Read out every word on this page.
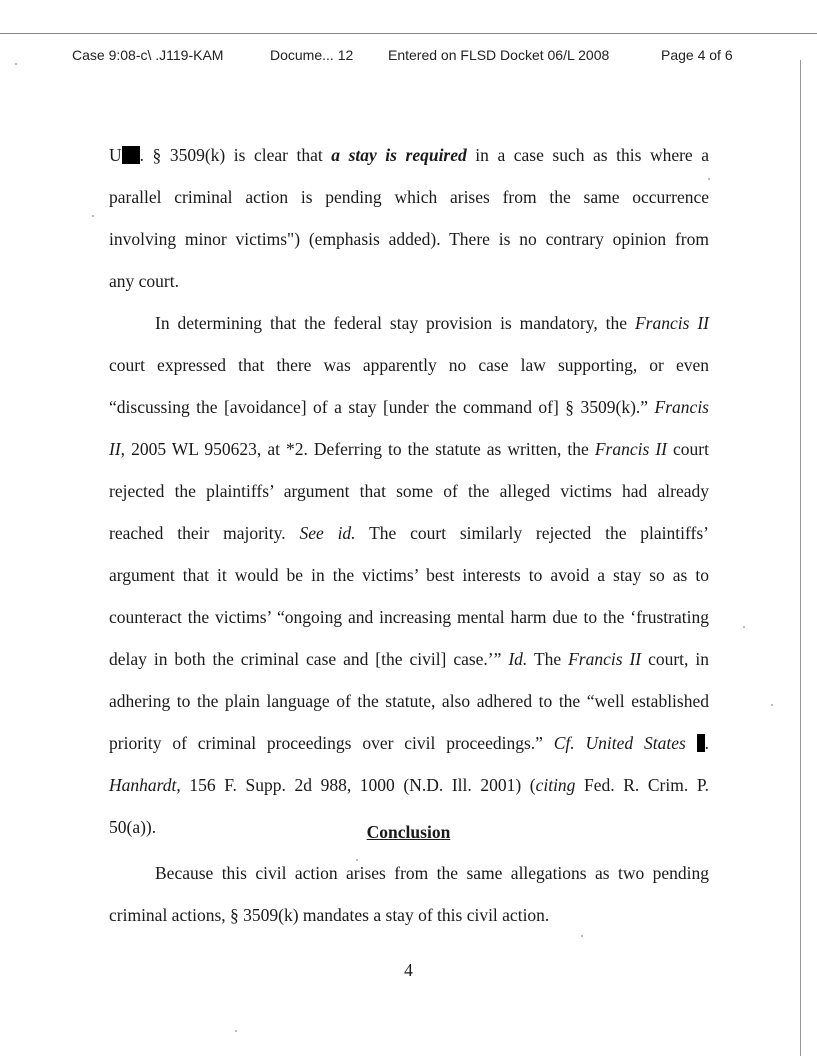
Case 9:08-c\ .J119-KAM	Docume... 12 Entered on FLSD Docket 06/L 2008	Page 4 of 6
U . § 3509(k) is clear that a stay is required in a case such as this where a
parallel criminal action is pending which arises from the same occurrence
involving minor victims") (emphasis added). There is no contrary opinion from
any court.
In determining that the federal stay provision is mandatory, the Francis II
court expressed that there was apparently no case law supporting, or even
“discussing the [avoidance] of a stay [under the command of] § 3509(k).” Francis
II, 2005 WL 950623, at *2. Deferring to the statute as written, the Francis II court
rejected the plaintiffs’ argument that some of the alleged victims had already
reached their majority. See id. The court similarly rejected the plaintiffs’
argument that it would be in the victims’ best interests to avoid a stay so as to
counteract the victims’ “ongoing and increasing mental harm due to the ‘frustrating
delay in both the criminal case and [the civil] case.’” Id. The Francis II court, in
adhering to the plain language of the statute, also adhered to the “well established
priority of criminal proceedings over civil proceedings.” Cf. United States .
Hanhardt, 156 F. Supp. 2d 988, 1000 (N.D. Ill. 2001) (citing Fed. R. Crim. P.
50(a)).	Conclusion
Because this civil action arises from the same allegations as two pending
criminal actions, § 3509(k) mandates a stay of this civil action.
4
